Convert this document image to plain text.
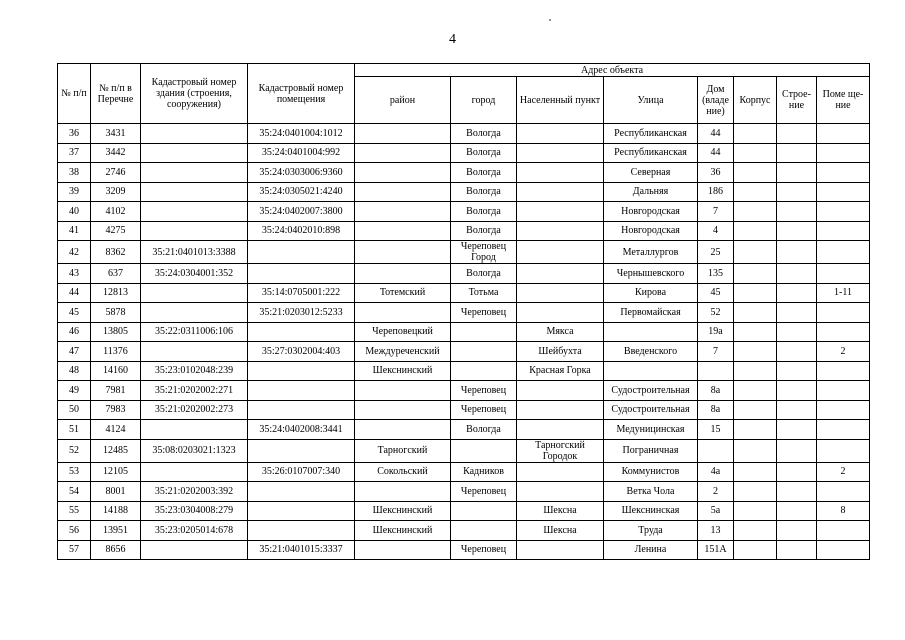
4
№ п/п	№ п/п в Перечне	Кадастровый номер здания (строения, сооружения)	Кадастровый номер помещения	Адрес объекта							
				район	город	Населенный пункт	Улица	Дом (владе ние)	Корпус	Строе-ние	Поме ще-ние
36	3431		35:24:0401004:1012		Вологда		Республиканская	44			
37	3442		35:24:0401004:992		Вологда		Республиканская	44			
38	2746		35:24:0303006:9360		Вологда		Северная	36			
39	3209		35:24:0305021:4240		Вологда		Дальняя	186			
40	4102		35:24:0402007:3800		Вологда		Новгородская	7			
41	4275		35:24:0402010:898		Вологда		Новгородская	4			
42	8362	35:21:0401013:3388			Череповец Город		Металлургов	25			
43	637	35:24:0304001:352			Вологда		Чернышевского	135			
44	12813		35:14:0705001:222	Тотемский	Тотьма		Кирова	45			1-11
45	5878		35:21:0203012:5233		Череповец		Первомайская	52			
46	13805	35:22:0311006:106		Череповецкий		Мякса		19а			
47	11376		35:27:0302004:403	Междуреченский		Шейбухта	Введенского	7			2
48	14160	35:23:0102048:239		Шекснинский		Красная Горка					
49	7981	35:21:0202002:271			Череповец		Судостроительная	8а			
50	7983	35:21:0202002:273			Череповец		Судостроительная	8а			
51	4124		35:24:0402008:3441		Вологда		Медуницинская	15			
52	12485	35:08:0203021:1323		Тарногский		Тарногский Городок	Пограничная				
53	12105		35:26:0107007:340	Сокольский	Кадников		Коммунистов	4а			2
54	8001	35:21:0202003:392			Череповец		Ветка Чола	2			
55	14188	35:23:0304008:279		Шекснинский		Шексна	Шекснинская	5а			8
56	13951	35:23:0205014:678		Шекснинский		Шексна	Труда	13			
57	8656		35:21:0401015:3337		Череповец		Ленина	151А			
